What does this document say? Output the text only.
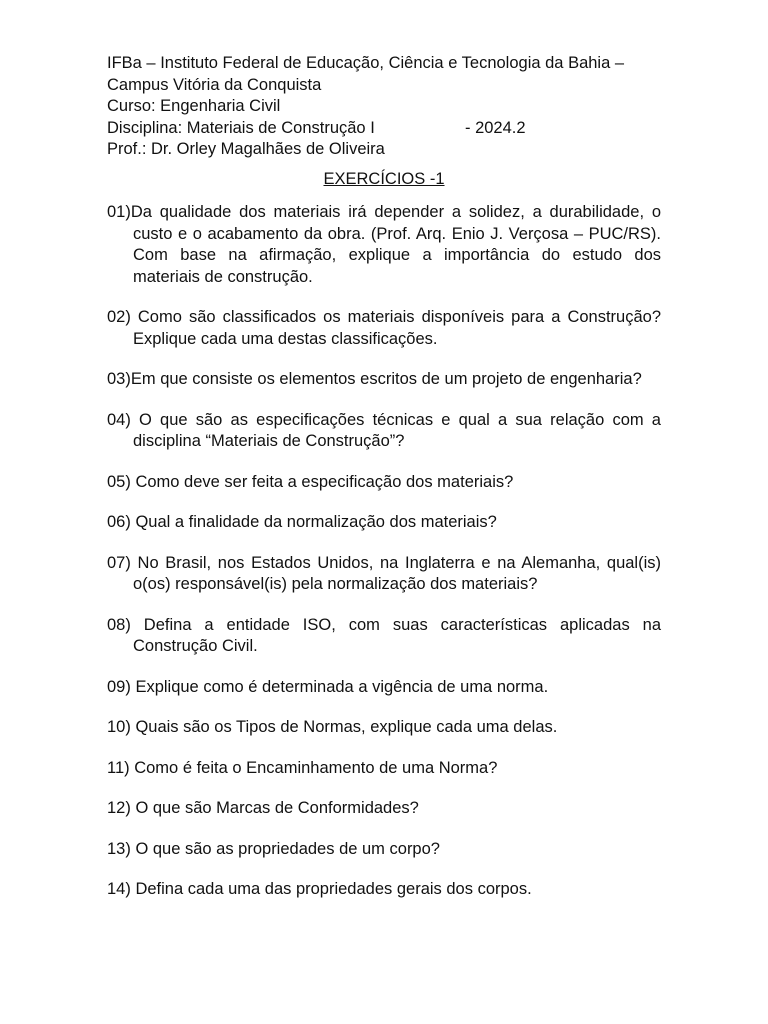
IFBa – Instituto Federal de Educação, Ciência e Tecnologia da Bahia –
Campus Vitória da Conquista
Curso: Engenharia Civil
Disciplina: Materiais de Construção I	- 2024.2
Prof.: Dr. Orley Magalhães de Oliveira
EXERCÍCIOS -1

01)Da qualidade dos materiais irá depender a solidez, a durabilidade, o custo e o acabamento da obra. (Prof. Arq. Enio J. Verçosa – PUC/RS). Com base na afirmação, explique a importância do estudo dos materiais de construção.

02) Como são classificados os materiais disponíveis para a Construção? Explique cada uma destas classificações.

03)Em que consiste os elementos escritos de um projeto de engenharia?

04) O que são as especificações técnicas e qual a sua relação com a disciplina “Materiais de Construção”?

05) Como deve ser feita a especificação dos materiais?

06) Qual a finalidade da normalização dos materiais?

07) No Brasil, nos Estados Unidos, na Inglaterra e na Alemanha, qual(is) o(os) responsável(is) pela normalização dos materiais?

08) Defina a entidade ISO, com suas características aplicadas na Construção Civil.

09) Explique como é determinada a vigência de uma norma.

10) Quais são os Tipos de Normas, explique cada uma delas.

11) Como é feita o Encaminhamento de uma Norma?

12) O que são Marcas de Conformidades?

13) O que são as propriedades de um corpo?

14) Defina cada uma das propriedades gerais dos corpos.
